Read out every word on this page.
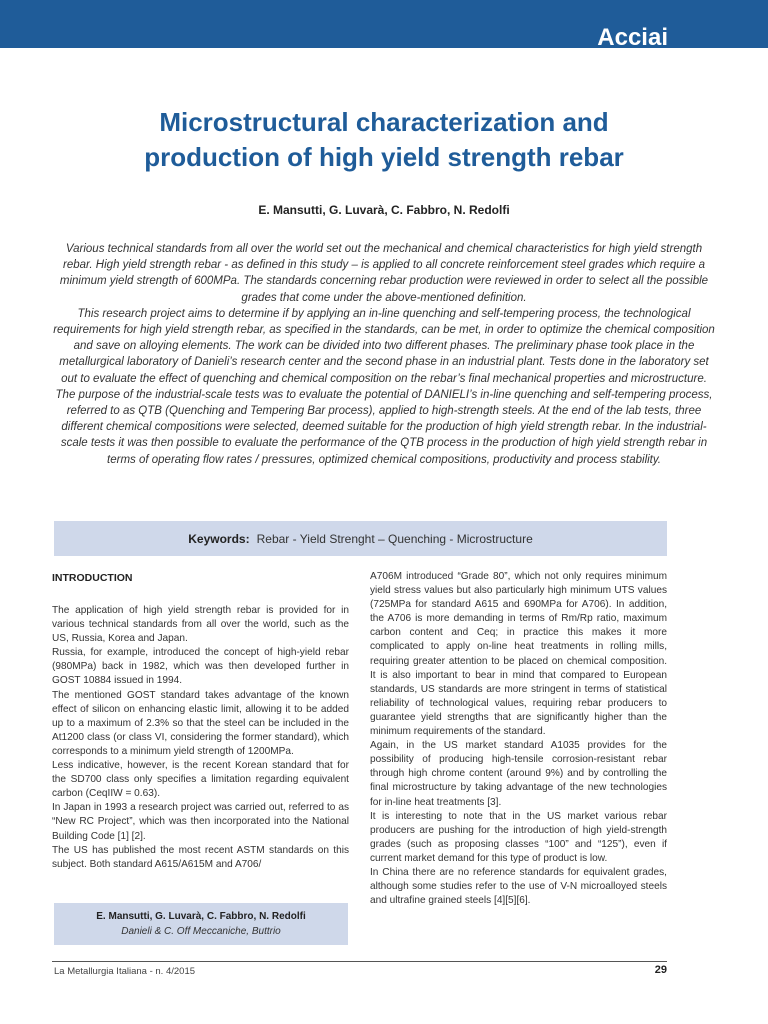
Acciai
Microstructural characterization and
production of high yield strength rebar

E. Mansutti, G. Luvarà, C. Fabbro, N. Redolfi

Various technical standards from all over the world set out the mechanical and chemical characteristics for high yield strength rebar. High yield strength rebar - as defined in this study – is applied to all concrete reinforcement steel grades which require a minimum yield strength of 600MPa. The standards concerning rebar production were reviewed in order to select all the possible grades that come under the above-mentioned definition.

This research project aims to determine if by applying an in-line quenching and self-tempering process, the technological requirements for high yield strength rebar, as specified in the standards, can be met, in order to optimize the chemical composition and save on alloying elements. The work can be divided into two different phases. The preliminary phase took place in the metallurgical laboratory of Danieli’s research center and the second phase in an industrial plant. Tests done in the laboratory set out to evaluate the effect of quenching and chemical composition on the rebar’s final mechanical properties and microstructure. The purpose of the industrial-scale tests was to evaluate the potential of DANIELI’s in-line quenching and self-tempering process, referred to as QTB (Quenching and Tempering Bar process), applied to high-strength steels. At the end of the lab tests, three different chemical compositions were selected, deemed suitable for the production of high yield strength rebar. In the industrial-scale tests it was then possible to evaluate the performance of the QTB process in the production of high yield strength rebar in terms of operating flow rates / pressures, optimized chemical compositions, productivity and process stability.

Keywords: Rebar - Yield Strenght – Quenching - Microstructure
INTRODUCTION

The application of high yield strength rebar is provided for in various technical standards from all over the world, such as the US, Russia, Korea and Japan.

Russia, for example, introduced the concept of high-yield rebar (980MPa) back in 1982, which was then developed further in GOST 10884 issued in 1994.

The mentioned GOST standard takes advantage of the known effect of silicon on enhancing elastic limit, allowing it to be added up to a maximum of 2.3% so that the steel can be included in the At1200 class (or class VI, considering the former standard), which corresponds to a minimum yield strength of 1200MPa.

Less indicative, however, is the recent Korean standard that for the SD700 class only specifies a limitation regarding equivalent carbon (CeqIIW = 0.63).

In Japan in 1993 a research project was carried out, referred to as “New RC Project”, which was then incorporated into the National Building Code [1] [2].

The US has published the most recent ASTM standards on this subject. Both standard A615/A615M and A706/

E. Mansutti, G. Luvarà, C. Fabbro, N. Redolfi
Danieli & C. Off Meccaniche, Buttrio

A706M introduced “Grade 80”, which not only requires minimum yield stress values but also particularly high minimum UTS values (725MPa for standard A615 and 690MPa for A706). In addition, the A706 is more demanding in terms of Rm/Rp ratio, maximum carbon content and Ceq; in practice this makes it more complicated to apply on-line heat treatments in rolling mills, requiring greater attention to be placed on chemical composition. It is also important to bear in mind that compared to European standards, US standards are more stringent in terms of statistical reliability of technological values, requiring rebar producers to guarantee yield strengths that are significantly higher than the minimum requirements of the standard.

Again, in the US market standard A1035 provides for the possibility of producing high-tensile corrosion-resistant rebar through high chrome content (around 9%) and by controlling the final microstructure by taking advantage of the new technologies for in-line heat treatments [3].

It is interesting to note that in the US market various rebar producers are pushing for the introduction of high yield-strength grades (such as proposing classes “100” and “125”), even if current market demand for this type of product is low.

In China there are no reference standards for equivalent grades, although some studies refer to the use of V-N microalloyed steels and ultrafine grained steels [4][5][6].

La Metallurgia Italiana - n. 4/2015	29
